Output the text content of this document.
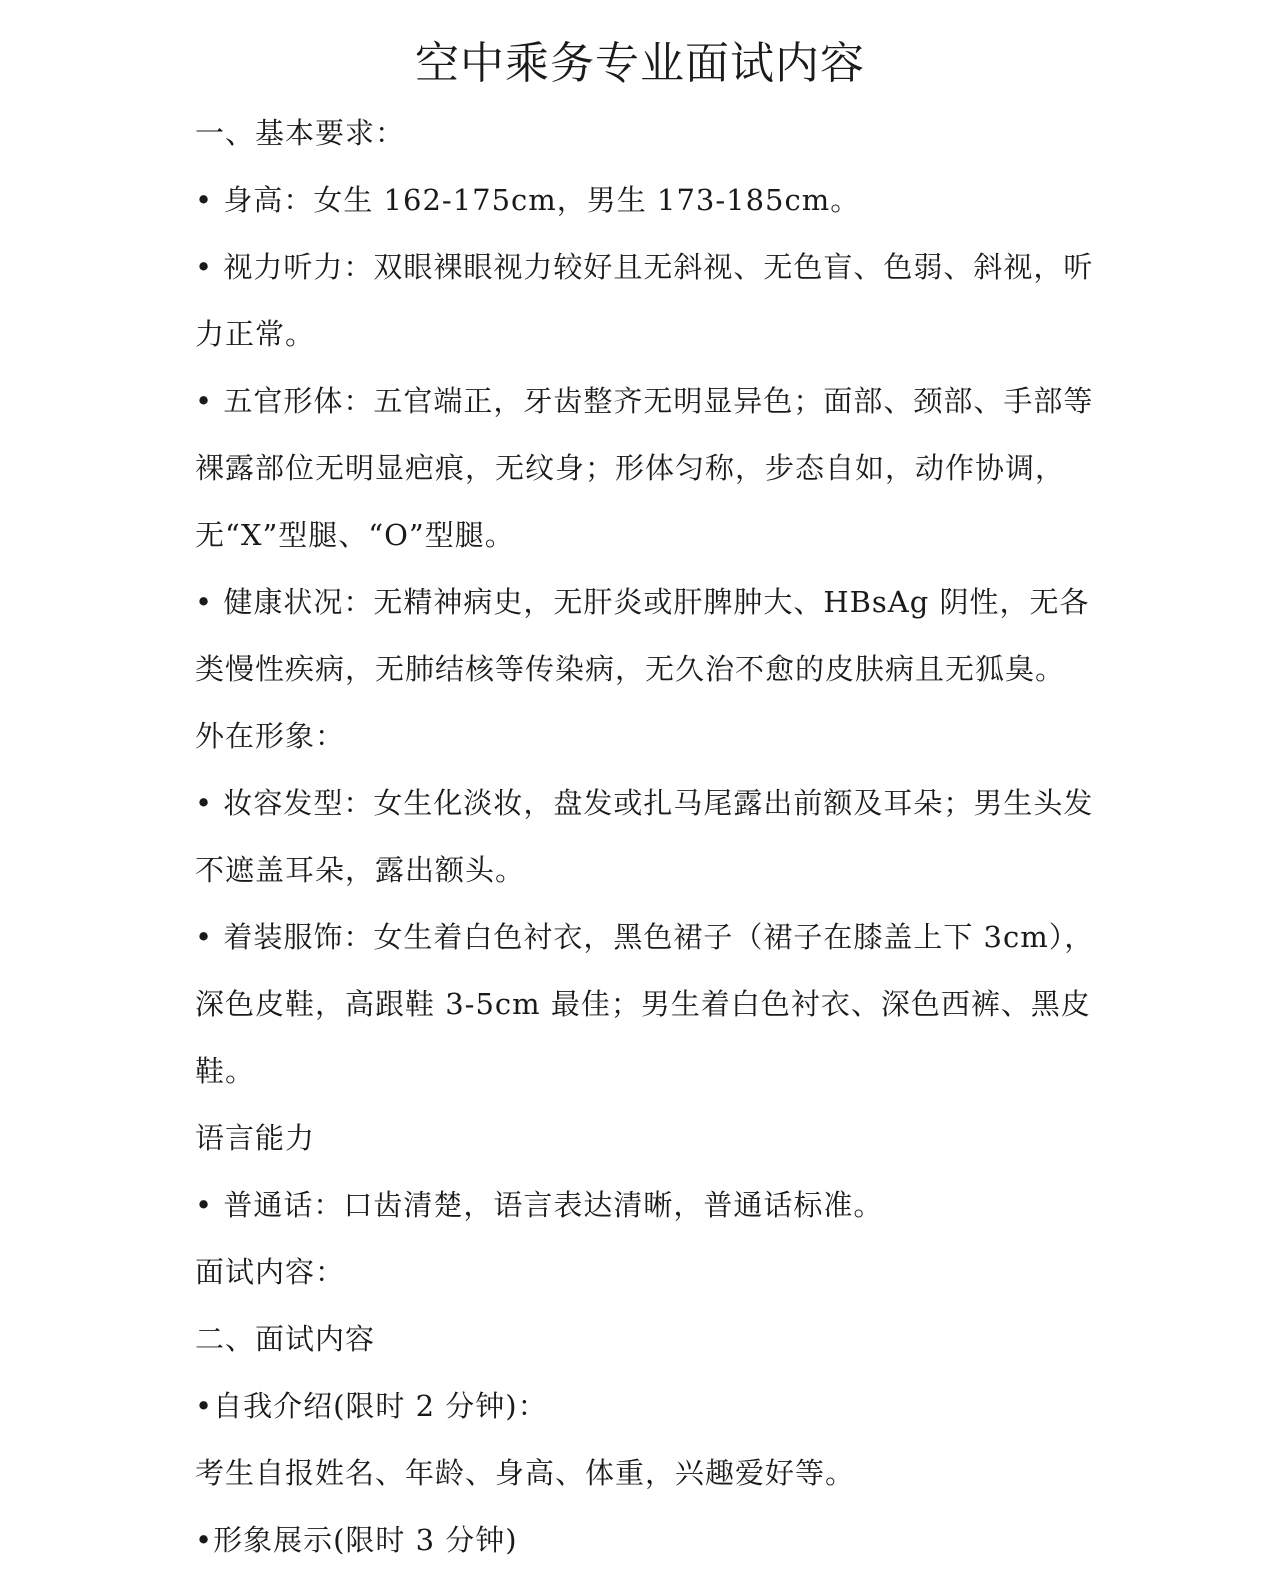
空中乘务专业面试内容

一、基本要求：

• 身高：女生 162-175cm，男生 173-185cm。

• 视力听力：双眼裸眼视力较好且无斜视、无色盲、色弱、斜视，听力正常。

• 五官形体：五官端正，牙齿整齐无明显异色；面部、颈部、手部等裸露部位无明显疤痕，无纹身；形体匀称，步态自如，动作协调，无“X”型腿、“O”型腿。

• 健康状况：无精神病史，无肝炎或肝脾肿大、HBsAg 阴性，无各类慢性疾病，无肺结核等传染病，无久治不愈的皮肤病且无狐臭。

外在形象：

• 妆容发型：女生化淡妆，盘发或扎马尾露出前额及耳朵；男生头发不遮盖耳朵，露出额头。

• 着装服饰：女生着白色衬衣，黑色裙子（裙子在膝盖上下 3cm），深色皮鞋，高跟鞋 3-5cm 最佳；男生着白色衬衣、深色西裤、黑皮鞋。

语言能力

• 普通话：口齿清楚，语言表达清晰，普通话标准。

面试内容：

二、面试内容

•自我介绍(限时 2 分钟)：

考生自报姓名、年龄、身高、体重，兴趣爱好等。

•形象展示(限时 3 分钟)
